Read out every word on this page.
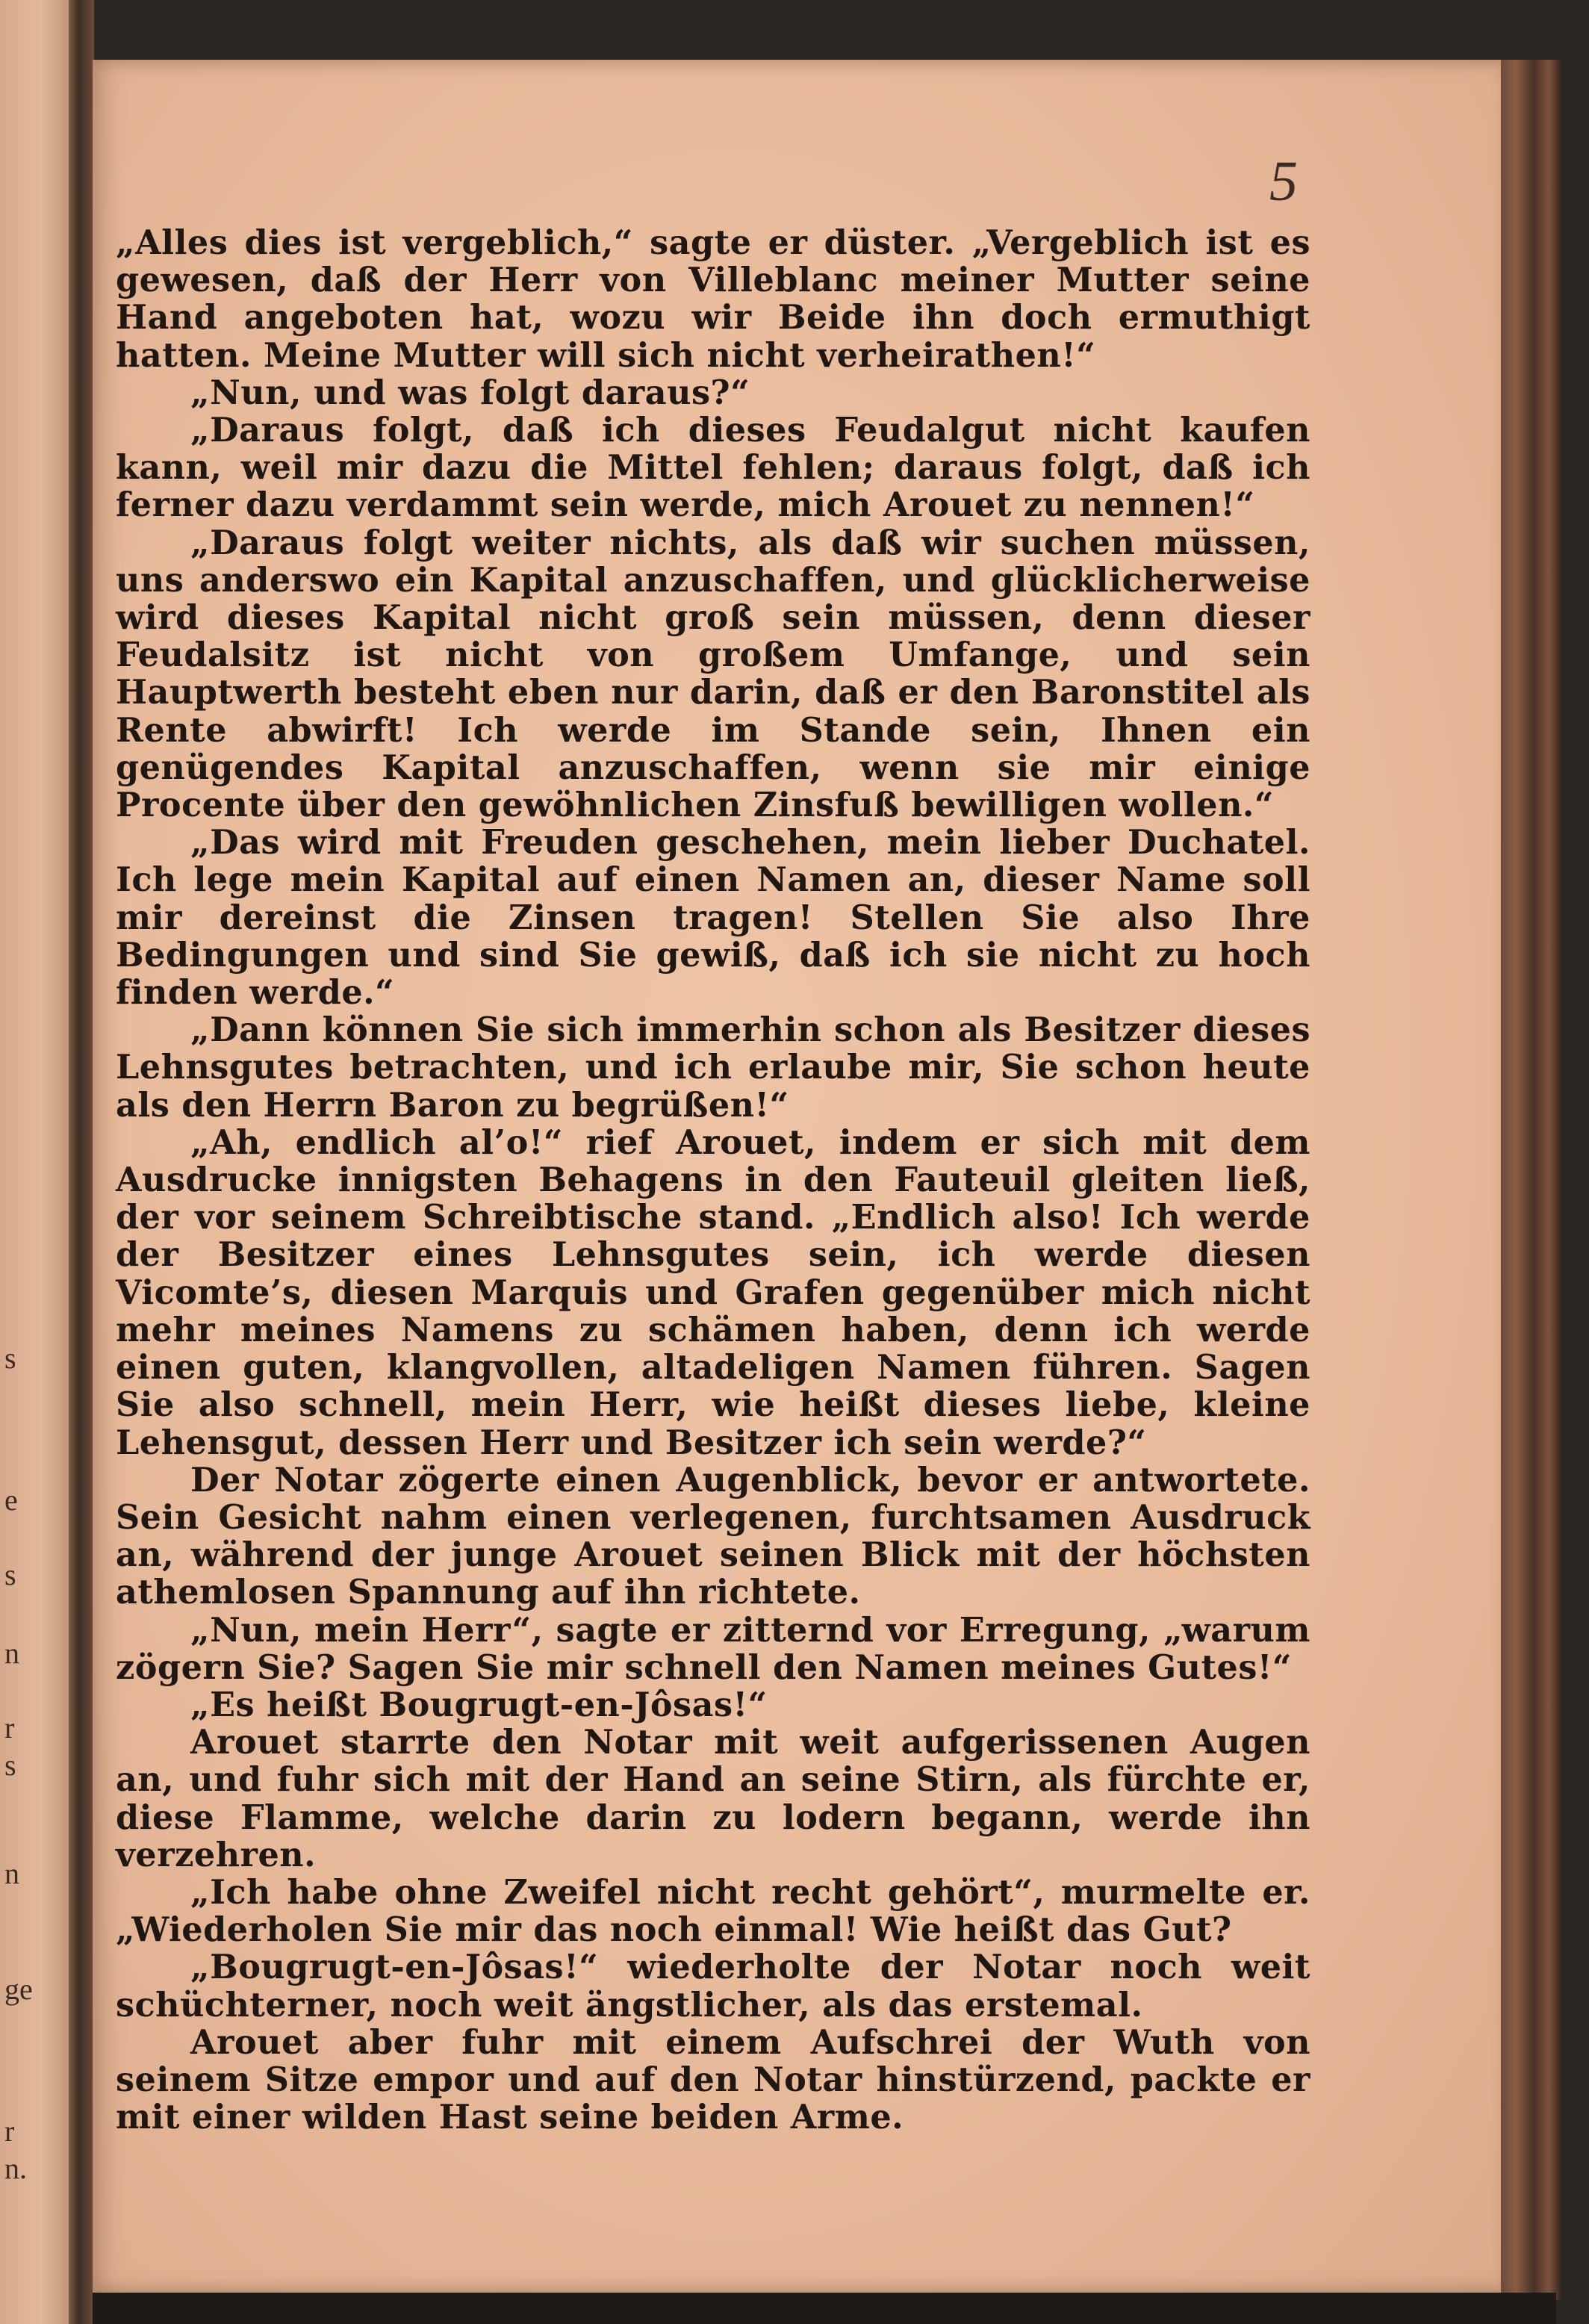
s
e
s
n
r
s
n
ge
r
n.
5

„Alles dies ist vergeblich,“ sagte er düster. „Vergeblich ist es gewesen, daß der Herr von Villeblanc meiner Mutter seine Hand angeboten hat, wozu wir Beide ihn doch ermuthigt hatten. Meine Mutter will sich nicht verheirathen!“

„Nun, und was folgt daraus?“

„Daraus folgt, daß ich dieses Feudalgut nicht kaufen kann, weil mir dazu die Mittel fehlen; daraus folgt, daß ich ferner dazu verdammt sein werde, mich Arouet zu nennen!“

„Daraus folgt weiter nichts, als daß wir suchen müssen, uns anderswo ein Kapital anzuschaffen, und glücklicherweise wird dieses Kapital nicht groß sein müssen, denn dieser Feudalsitz ist nicht von großem Umfange, und sein Hauptwerth besteht eben nur darin, daß er den Baronstitel als Rente abwirft! Ich werde im Stande sein, Ihnen ein genügendes Kapital anzuschaffen, wenn sie mir einige Procente über den gewöhnlichen Zinsfuß bewilligen wollen.“

„Das wird mit Freuden geschehen, mein lieber Duchatel. Ich lege mein Kapital auf einen Namen an, dieser Name soll mir dereinst die Zinsen tragen! Stellen Sie also Ihre Bedingungen und sind Sie gewiß, daß ich sie nicht zu hoch finden werde.“

„Dann können Sie sich immerhin schon als Besitzer dieses Lehnsgutes betrachten, und ich erlaube mir, Sie schon heute als den Herrn Baron zu begrüßen!“

„Ah, endlich al’o!“ rief Arouet, indem er sich mit dem Ausdrucke innigsten Behagens in den Fauteuil gleiten ließ, der vor seinem Schreibtische stand. „Endlich also! Ich werde der Besitzer eines Lehnsgutes sein, ich werde diesen Vicomte’s, diesen Marquis und Grafen gegenüber mich nicht mehr meines Namens zu schämen haben, denn ich werde einen guten, klangvollen, altadeligen Namen führen. Sagen Sie also schnell, mein Herr, wie heißt dieses liebe, kleine Lehensgut, dessen Herr und Besitzer ich sein werde?“

Der Notar zögerte einen Augenblick, bevor er antwortete. Sein Gesicht nahm einen verlegenen, furchtsamen Ausdruck an, während der junge Arouet seinen Blick mit der höchsten athemlosen Spannung auf ihn richtete.

„Nun, mein Herr“, sagte er zitternd vor Erregung, „warum zögern Sie? Sagen Sie mir schnell den Namen meines Gutes!“

„Es heißt Bougrugt-en-Jôsas!“

Arouet starrte den Notar mit weit aufgerissenen Augen an, und fuhr sich mit der Hand an seine Stirn, als fürchte er, diese Flamme, welche darin zu lodern begann, werde ihn verzehren.

„Ich habe ohne Zweifel nicht recht gehört“, murmelte er. „Wiederholen Sie mir das noch einmal! Wie heißt das Gut?

„Bougrugt-en-Jôsas!“ wiederholte der Notar noch weit schüchterner, noch weit ängstlicher, als das erstemal.

Arouet aber fuhr mit einem Aufschrei der Wuth von seinem Sitze empor und auf den Notar hinstürzend, packte er mit einer wilden Hast seine beiden Arme.
